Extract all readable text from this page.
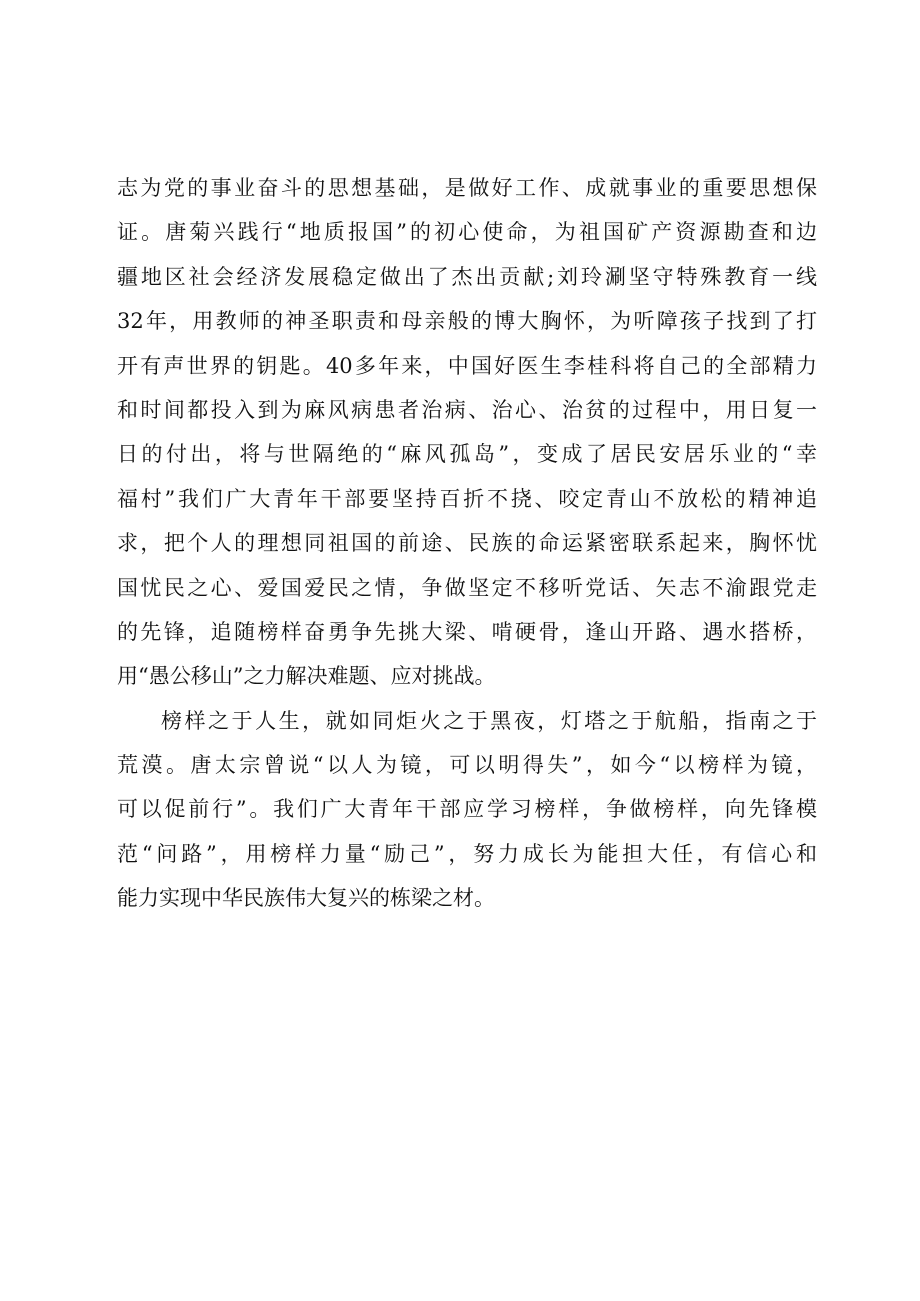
志为党的事业奋斗的思想基础，是做好工作、成就事业的重要思想保
证。唐菊兴践行“地质报国”的初心使命，为祖国矿产资源勘查和边
疆地区社会经济发展稳定做出了杰出贡献;刘玲涮坚守特殊教育一线
32年，用教师的神圣职责和母亲般的博大胸怀，为听障孩子找到了打
开有声世界的钥匙。40多年来，中国好医生李桂科将自己的全部精力
和时间都投入到为麻风病患者治病、治心、治贫的过程中，用日复一
日的付出，将与世隔绝的“麻风孤岛”，变成了居民安居乐业的“幸
福村”我们广大青年干部要坚持百折不挠、咬定青山不放松的精神追
求，把个人的理想同祖国的前途、民族的命运紧密联系起来，胸怀忧
国忧民之心、爱国爱民之情，争做坚定不移听党话、矢志不渝跟党走
的先锋，追随榜样奋勇争先挑大梁、啃硬骨，逢山开路、遇水搭桥，
用“愚公移山”之力解决难题、应对挑战。
榜样之于人生，就如同炬火之于黑夜，灯塔之于航船，指南之于
荒漠。唐太宗曾说“以人为镜，可以明得失”，如今“以榜样为镜，
可以促前行”。我们广大青年干部应学习榜样，争做榜样，向先锋模
范“问路”，用榜样力量“励己”，努力成长为能担大任，有信心和
能力实现中华民族伟大复兴的栋梁之材。
